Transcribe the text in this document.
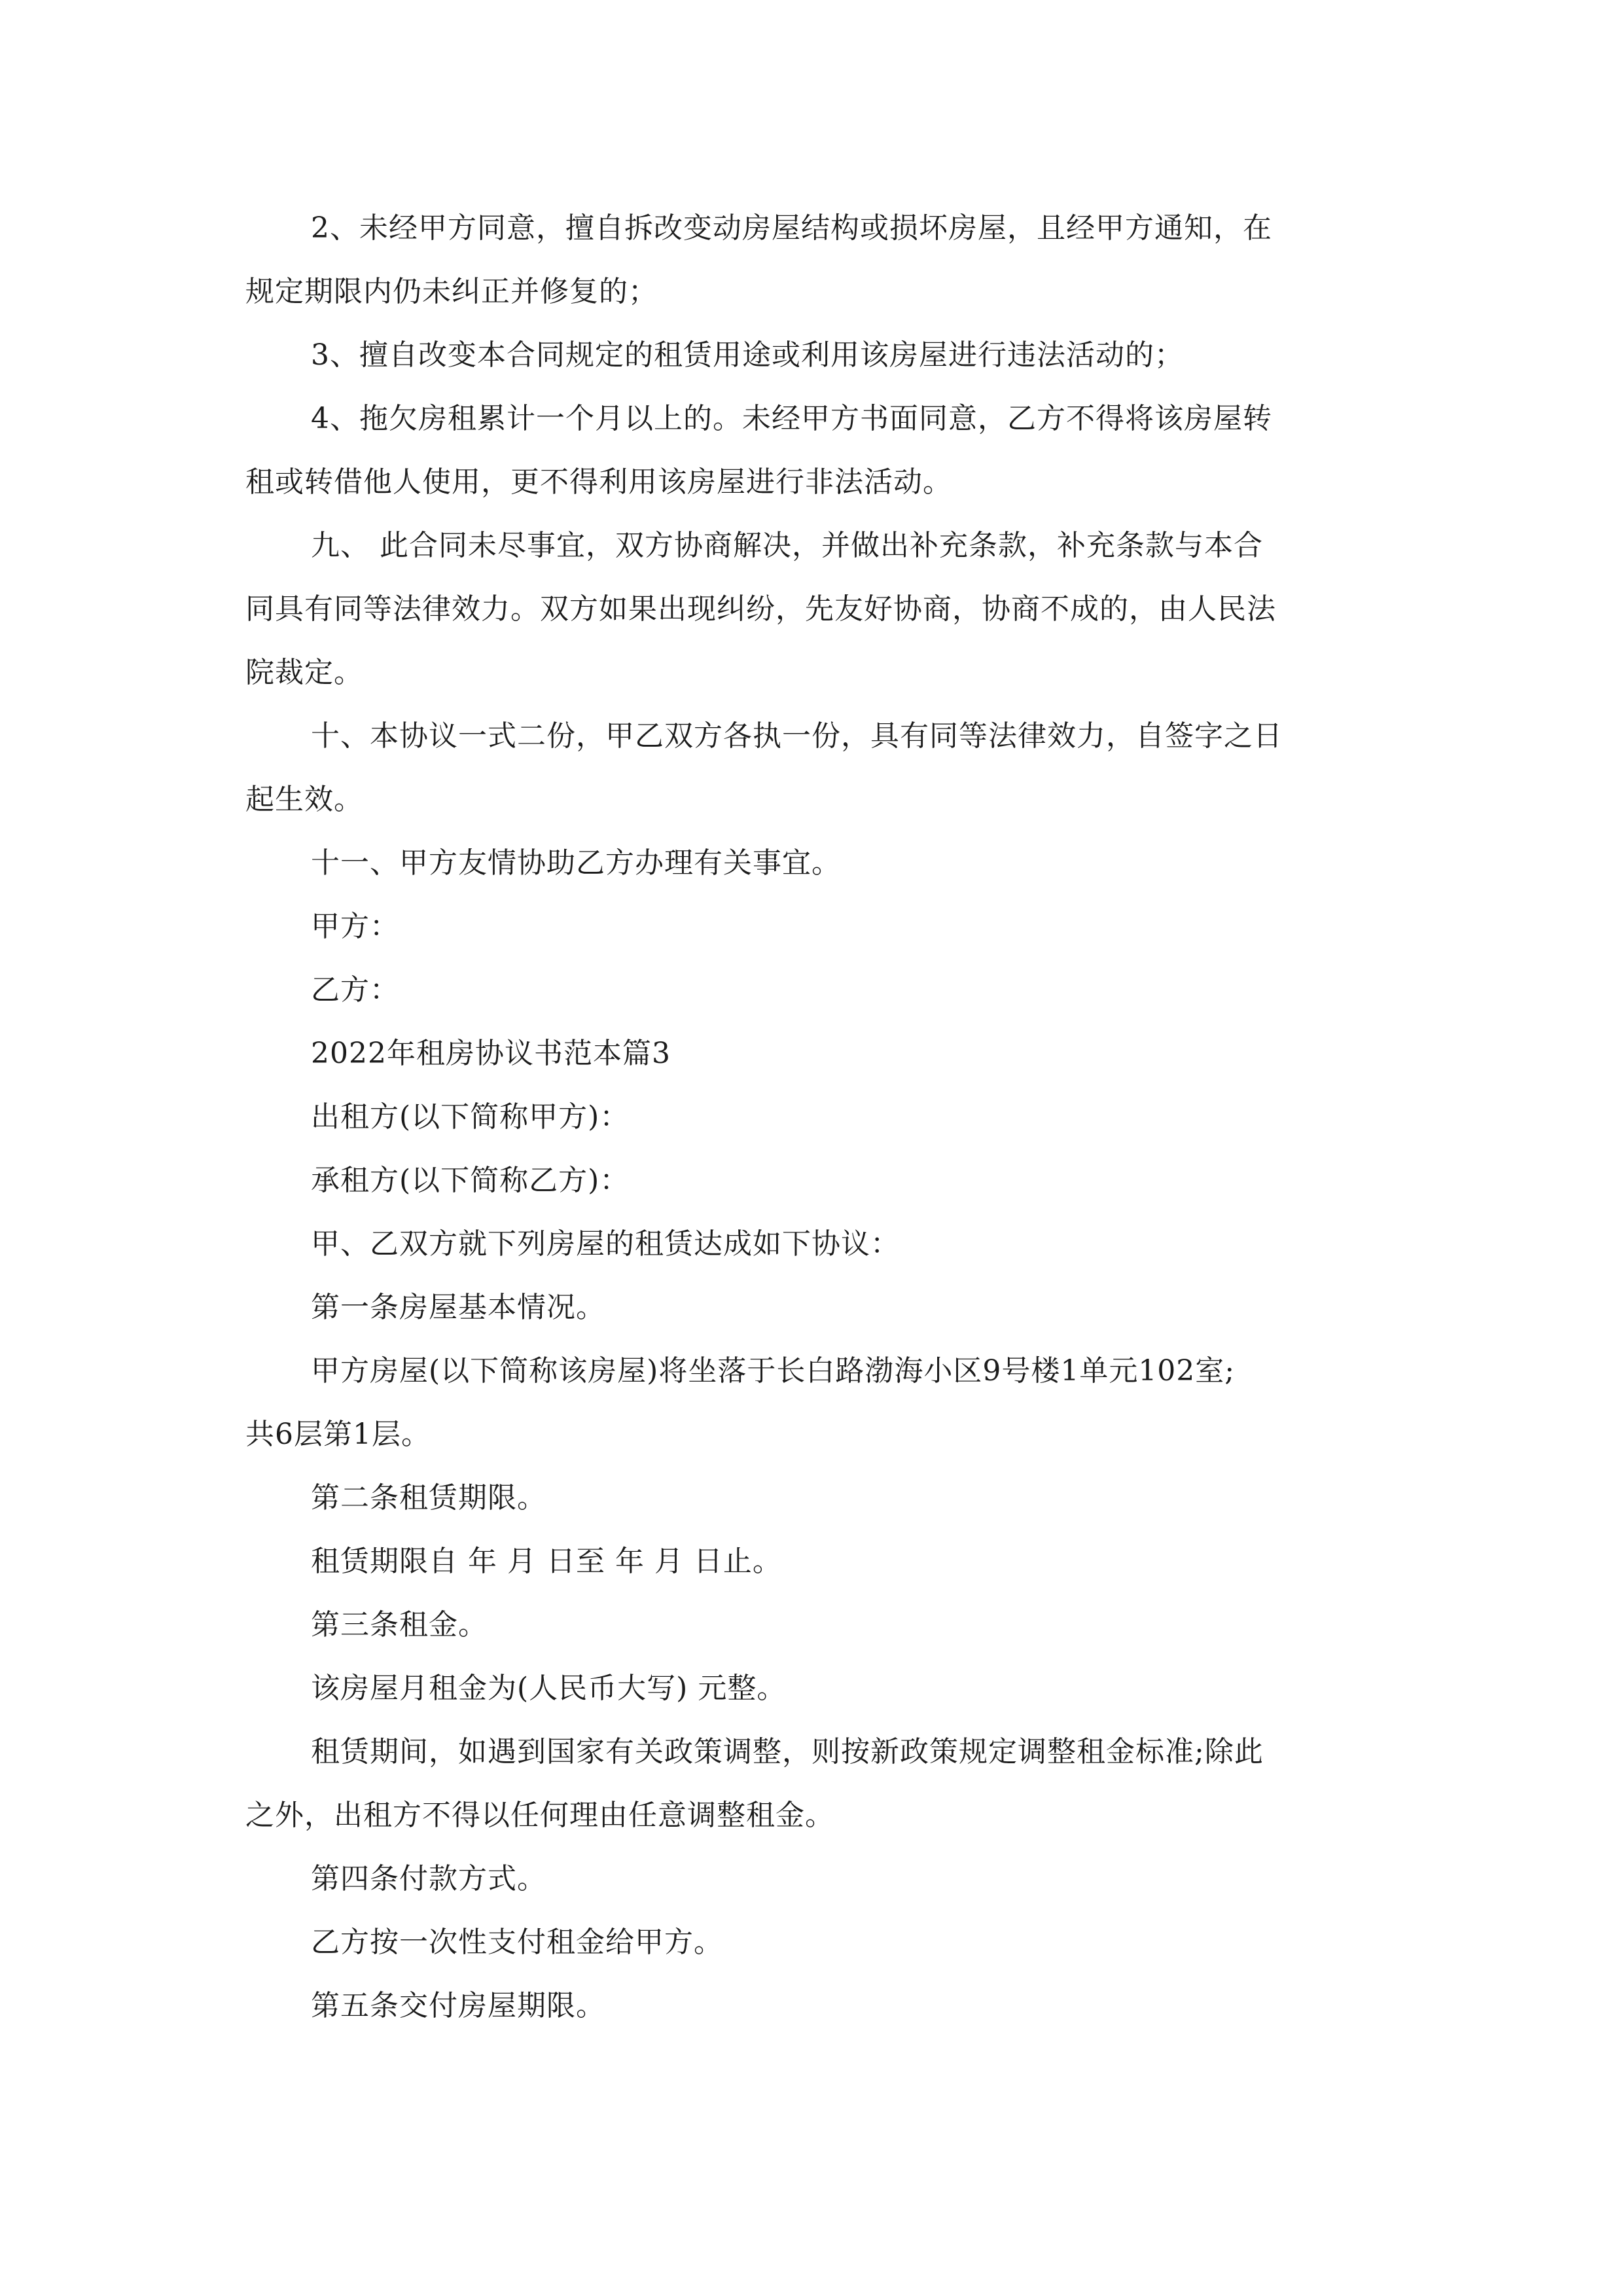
2、未经甲方同意，擅自拆改变动房屋结构或损坏房屋，且经甲方通知，在
规定期限内仍未纠正并修复的；

3、擅自改变本合同规定的租赁用途或利用该房屋进行违法活动的；

4、拖欠房租累计一个月以上的。未经甲方书面同意，乙方不得将该房屋转
租或转借他人使用，更不得利用该房屋进行非法活动。

九、 此合同未尽事宜，双方协商解决，并做出补充条款，补充条款与本合
同具有同等法律效力。双方如果出现纠纷，先友好协商，协商不成的，由人民法
院裁定。

十、本协议一式二份，甲乙双方各执一份，具有同等法律效力，自签字之日
起生效。

十一、甲方友情协助乙方办理有关事宜。

甲方：

乙方：

2022年租房协议书范本篇3

出租方(以下简称甲方)：

承租方(以下简称乙方)：

甲、乙双方就下列房屋的租赁达成如下协议：

第一条房屋基本情况。

甲方房屋(以下简称该房屋)将坐落于长白路渤海小区9号楼1单元102室;
共6层第1层。

第二条租赁期限。

租赁期限自 年 月 日至 年 月 日止。

第三条租金。

该房屋月租金为(人民币大写) 元整。

租赁期间，如遇到国家有关政策调整，则按新政策规定调整租金标准;除此
之外，出租方不得以任何理由任意调整租金。

第四条付款方式。

乙方按一次性支付租金给甲方。

第五条交付房屋期限。
